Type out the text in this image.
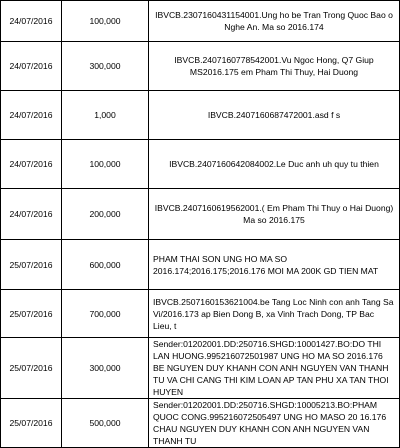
24/07/2016	100,000	IBVCB.2307160431154001.Ung ho be Tran Trong Quoc Bao o Nghe An. Ma so 2016.174

24/07/2016	300,000	IBVCB.2407160778542001.Vu Ngoc Hong, Q7 Giup MS2016.175 em Pham Thi Thuy, Hai Duong

24/07/2016	1,000	IBVCB.2407160687472001.asd f s

24/07/2016	100,000	IBVCB.2407160642084002.Le Duc anh uh quy tu thien

24/07/2016	200,000	IBVCB.2407160619562001.( Em Pham Thi Thuy o Hai Duong) Ma so 2016.175

25/07/2016	600,000	PHAM THAI SON UNG HO MA SO 2016.174;2016.175;2016.176 MOI MA 200K GD TIEN MAT

25/07/2016	700,000	IBVCB.2507160153621004.be Tang Loc Ninh con anh Tang Sa Vi/2016.173 ap Bien Dong B, xa Vinh Trach Dong, TP Bac Lieu, t

25/07/2016	300,000	Sender:01202001.DD:250716.SHGD:10001427.BO:DO THI LAN HUONG.995216072501987 UNG HO MA SO 2016.176 BE NGUYEN DUY KHANH CON ANH NGUYEN VAN THANH TU VA CHI CANG THI KIM LOAN AP TAN PHU XA TAN THOI HUYEN

25/07/2016	500,000	Sender:01202001.DD:250716.SHGD:10005213.BO:PHAM QUOC CONG.995216072505497 UNG HO MASO 20 16.176 CHAU NGUYEN DUY KHANH CON ANH NGUYEN VAN THANH TU
